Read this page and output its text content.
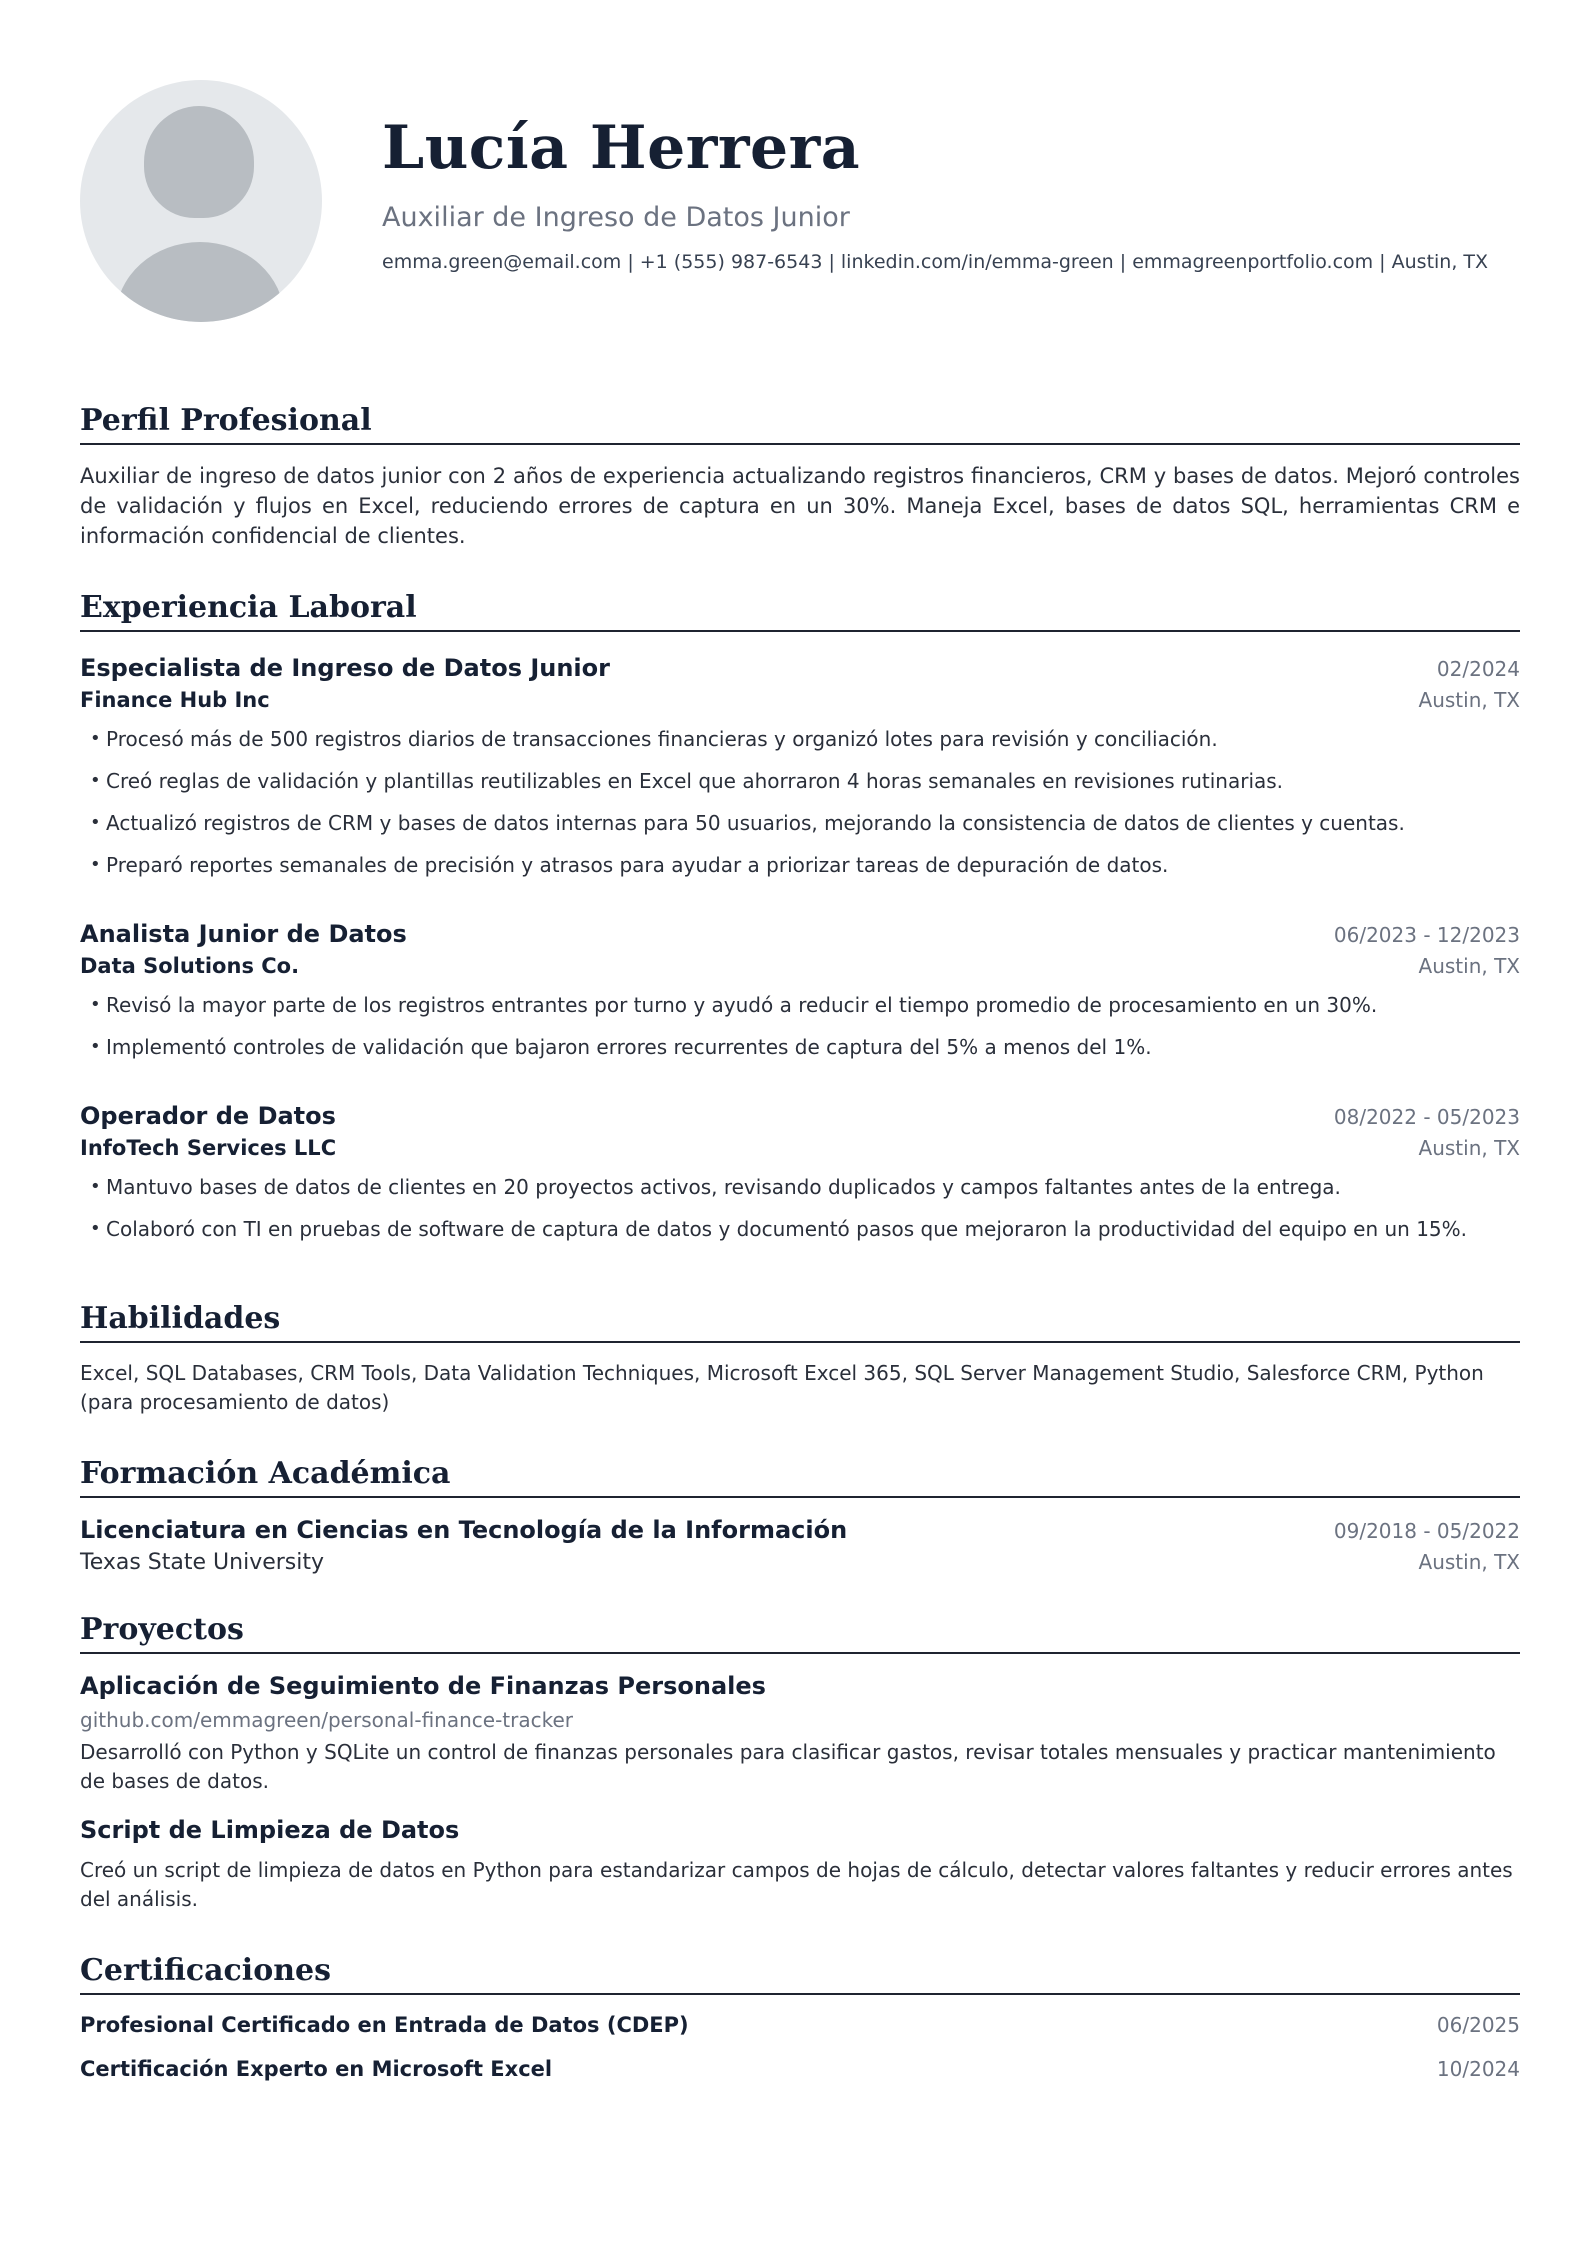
Lucía Herrera
Auxiliar de Ingreso de Datos Junior
emma.green@email.com | +1 (555) 987-6543 | linkedin.com/in/emma-green | emmagreenportfolio.com | Austin, TX
Perfil Profesional
Auxiliar de ingreso de datos junior con 2 años de experiencia actualizando registros financieros, CRM y bases de datos. Mejoró controles de validación y flujos en Excel, reduciendo errores de captura en un 30%. Maneja Excel, bases de datos SQL, herramientas CRM e información confidencial de clientes.
Experiencia Laboral
Especialista de Ingreso de Datos Junior	02/2024
Finance Hub Inc	Austin, TX
• Procesó más de 500 registros diarios de transacciones financieras y organizó lotes para revisión y conciliación.
• Creó reglas de validación y plantillas reutilizables en Excel que ahorraron 4 horas semanales en revisiones rutinarias.
• Actualizó registros de CRM y bases de datos internas para 50 usuarios, mejorando la consistencia de datos de clientes y cuentas.
• Preparó reportes semanales de precisión y atrasos para ayudar a priorizar tareas de depuración de datos.
Analista Junior de Datos	06/2023 - 12/2023
Data Solutions Co.	Austin, TX
• Revisó la mayor parte de los registros entrantes por turno y ayudó a reducir el tiempo promedio de procesamiento en un 30%.
• Implementó controles de validación que bajaron errores recurrentes de captura del 5% a menos del 1%.
Operador de Datos	08/2022 - 05/2023
InfoTech Services LLC	Austin, TX
• Mantuvo bases de datos de clientes en 20 proyectos activos, revisando duplicados y campos faltantes antes de la entrega.
• Colaboró con TI en pruebas de software de captura de datos y documentó pasos que mejoraron la productividad del equipo en un 15%.
Habilidades
Excel, SQL Databases, CRM Tools, Data Validation Techniques, Microsoft Excel 365, SQL Server Management Studio, Salesforce CRM, Python (para procesamiento de datos)
Formación Académica
Licenciatura en Ciencias en Tecnología de la Información	09/2018 - 05/2022
Texas State University	Austin, TX
Proyectos
Aplicación de Seguimiento de Finanzas Personales
github.com/emmagreen/personal-finance-tracker
Desarrolló con Python y SQLite un control de finanzas personales para clasificar gastos, revisar totales mensuales y practicar mantenimiento de bases de datos.
Script de Limpieza de Datos
Creó un script de limpieza de datos en Python para estandarizar campos de hojas de cálculo, detectar valores faltantes y reducir errores antes del análisis.
Certificaciones
Profesional Certificado en Entrada de Datos (CDEP)	06/2025
Certificación Experto en Microsoft Excel	10/2024
